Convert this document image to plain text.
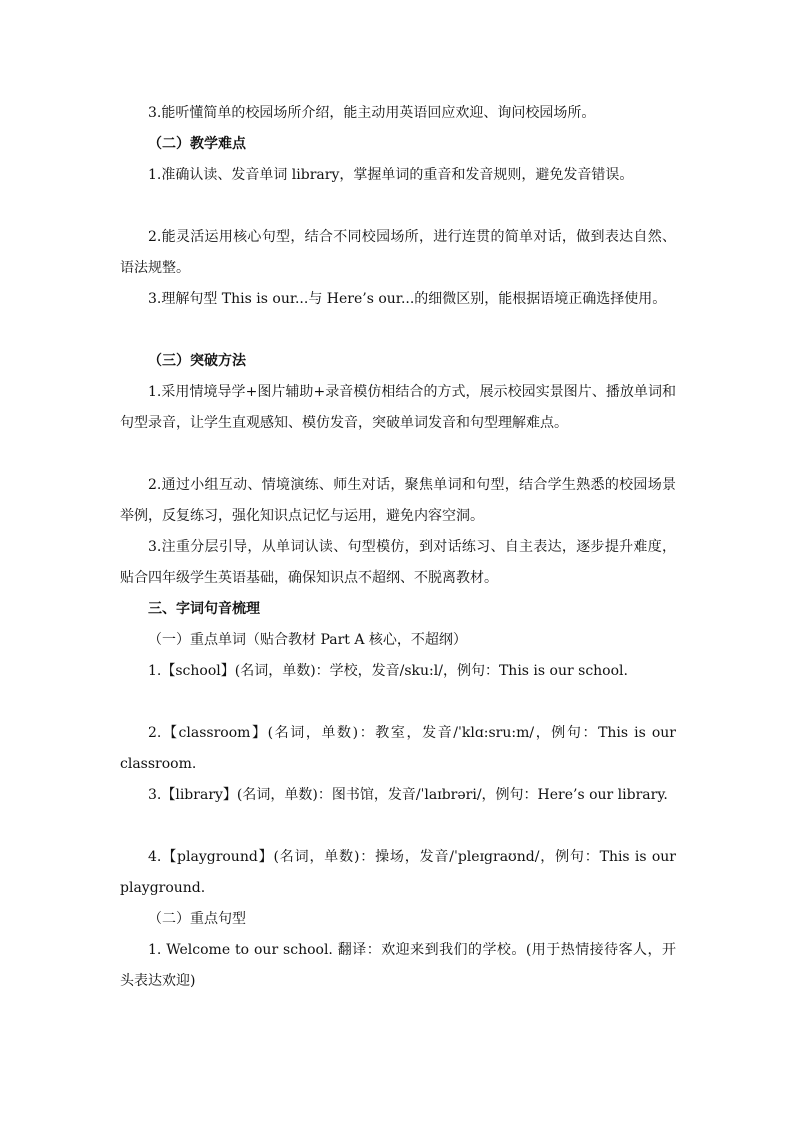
3.能听懂简单的校园场所介绍，能主动用英语回应欢迎、询问校园场所。

（二）教学难点

1.准确认读、发音单词 library，掌握单词的重音和发音规则，避免发音错误。

2.能灵活运用核心句型，结合不同校园场所，进行连贯的简单对话，做到表达自然、语法规整。

3.理解句型 This is our...与 Here’s our...的细微区别，能根据语境正确选择使用。

（三）突破方法

1.采用情境导学+图片辅助+录音模仿相结合的方式，展示校园实景图片、播放单词和句型录音，让学生直观感知、模仿发音，突破单词发音和句型理解难点。

2.通过小组互动、情境演练、师生对话，聚焦单词和句型，结合学生熟悉的校园场景举例，反复练习，强化知识点记忆与运用，避免内容空洞。

3.注重分层引导，从单词认读、句型模仿，到对话练习、自主表达，逐步提升难度，贴合四年级学生英语基础，确保知识点不超纲、不脱离教材。

三、字词句音梳理

（一）重点单词（贴合教材 Part A 核心，不超纲）

1.【school】(名词，单数)：学校，发音/sku:l/，例句：This is our school.

2.【classroom】(名词，单数)：教室，发音/ˈklɑ:sru:m/，例句：This is our classroom.

3.【library】(名词，单数)：图书馆，发音/ˈlaɪbrəri/，例句：Here’s our library.

4.【playground】(名词，单数)：操场，发音/ˈpleɪgraʊnd/，例句：This is our playground.

（二）重点句型

1. Welcome to our school. 翻译：欢迎来到我们的学校。(用于热情接待客人，开头表达欢迎)
